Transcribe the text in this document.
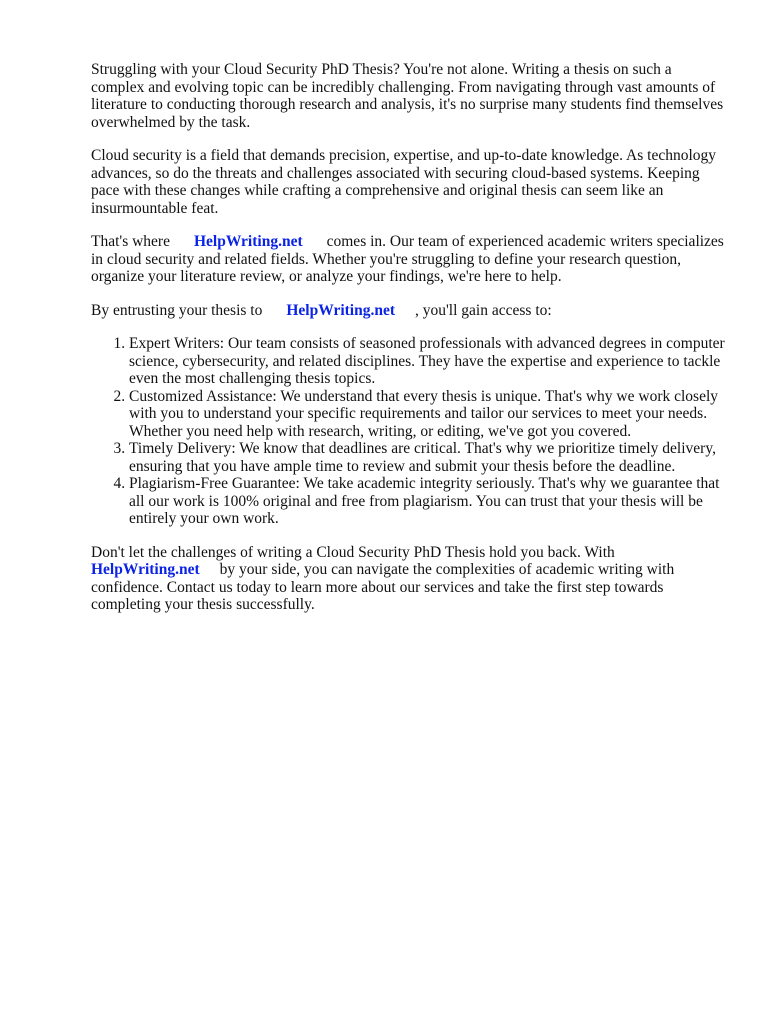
Struggling with your Cloud Security PhD Thesis? You're not alone. Writing a thesis on such a complex and evolving topic can be incredibly challenging. From navigating through vast amounts of literature to conducting thorough research and analysis, it's no surprise many students find themselves overwhelmed by the task.

Cloud security is a field that demands precision, expertise, and up-to-date knowledge. As technology advances, so do the threats and challenges associated with securing cloud-based systems. Keeping pace with these changes while crafting a comprehensive and original thesis can seem like an insurmountable feat.

That's where HelpWriting.net comes in. Our team of experienced academic writers specializes in cloud security and related fields. Whether you're struggling to define your research question, organize your literature review, or analyze your findings, we're here to help.

By entrusting your thesis to HelpWriting.net , you'll gain access to:

1. Expert Writers: Our team consists of seasoned professionals with advanced degrees in computer science, cybersecurity, and related disciplines. They have the expertise and experience to tackle even the most challenging thesis topics.
2. Customized Assistance: We understand that every thesis is unique. That's why we work closely with you to understand your specific requirements and tailor our services to meet your needs. Whether you need help with research, writing, or editing, we've got you covered.
3. Timely Delivery: We know that deadlines are critical. That's why we prioritize timely delivery, ensuring that you have ample time to review and submit your thesis before the deadline.
4. Plagiarism-Free Guarantee: We take academic integrity seriously. That's why we guarantee that all our work is 100% original and free from plagiarism. You can trust that your thesis will be entirely your own work.

Don't let the challenges of writing a Cloud Security PhD Thesis hold you back. With HelpWriting.net by your side, you can navigate the complexities of academic writing with confidence. Contact us today to learn more about our services and take the first step towards completing your thesis successfully.
